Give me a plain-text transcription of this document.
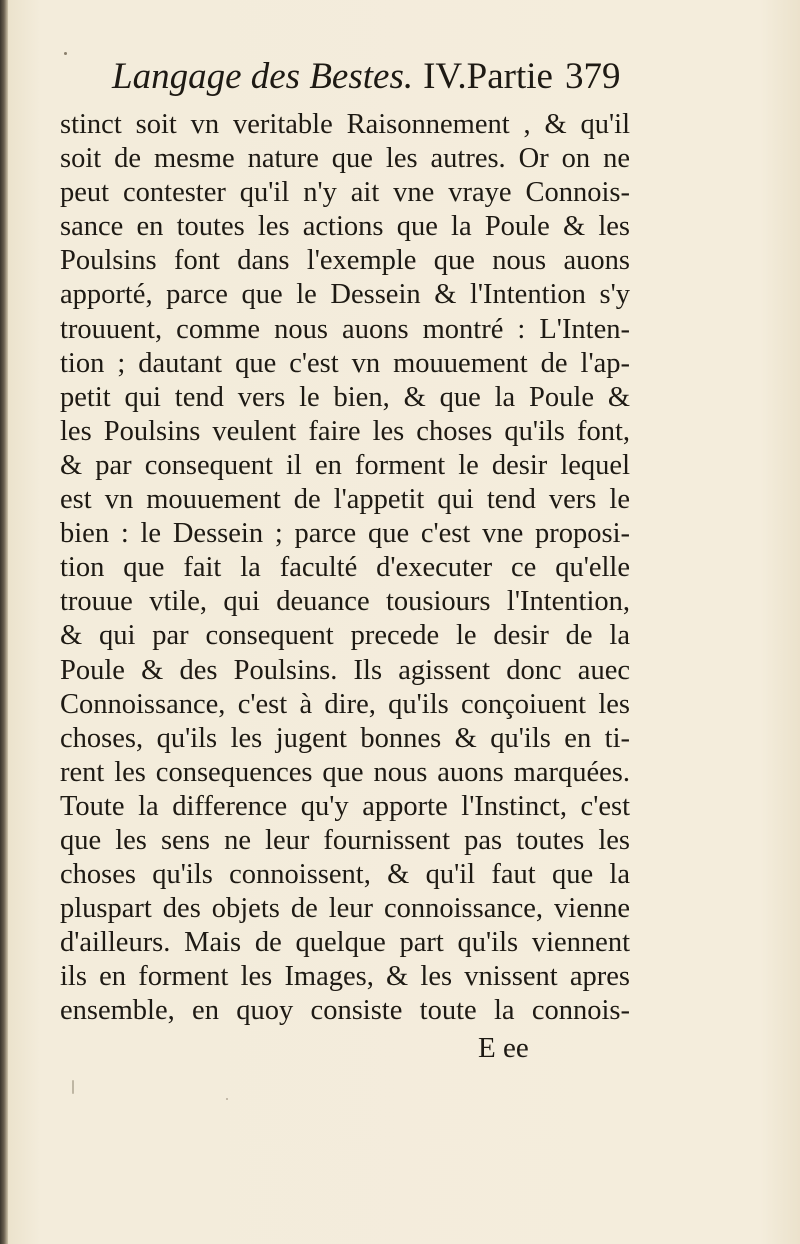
Langage des Bestes. IV.Partie 379
stinct soit vn veritable Raisonnement , & qu'il
soit de mesme nature que les autres. Or on ne
peut contester qu'il n'y ait vne vraye Connois-
sance en toutes les actions que la Poule & les
Poulsins font dans l'exemple que nous auons
apporté, parce que le Dessein & l'Intention s'y
trouuent, comme nous auons montré : L'Inten-
tion ; dautant que c'est vn mouuement de l'ap-
petit qui tend vers le bien, & que la Poule &
les Poulsins veulent faire les choses qu'ils font,
& par consequent il en forment le desir lequel
est vn mouuement de l'appetit qui tend vers le
bien : le Dessein ; parce que c'est vne proposi-
tion que fait la faculté d'executer ce qu'elle
trouue vtile, qui deuance tousiours l'Intention,
& qui par consequent precede le desir de la
Poule & des Poulsins. Ils agissent donc auec
Connoissance, c'est à dire, qu'ils conçoiuent les
choses, qu'ils les jugent bonnes & qu'ils en ti-
rent les consequences que nous auons marquées.
Toute la difference qu'y apporte l'Instinct, c'est
que les sens ne leur fournissent pas toutes les
choses qu'ils connoissent, & qu'il faut que la
pluspart des objets de leur connoissance, vienne
d'ailleurs. Mais de quelque part qu'ils viennent
ils en forment les Images, & les vnissent apres
ensemble, en quoy consiste toute la connois-
E ee
